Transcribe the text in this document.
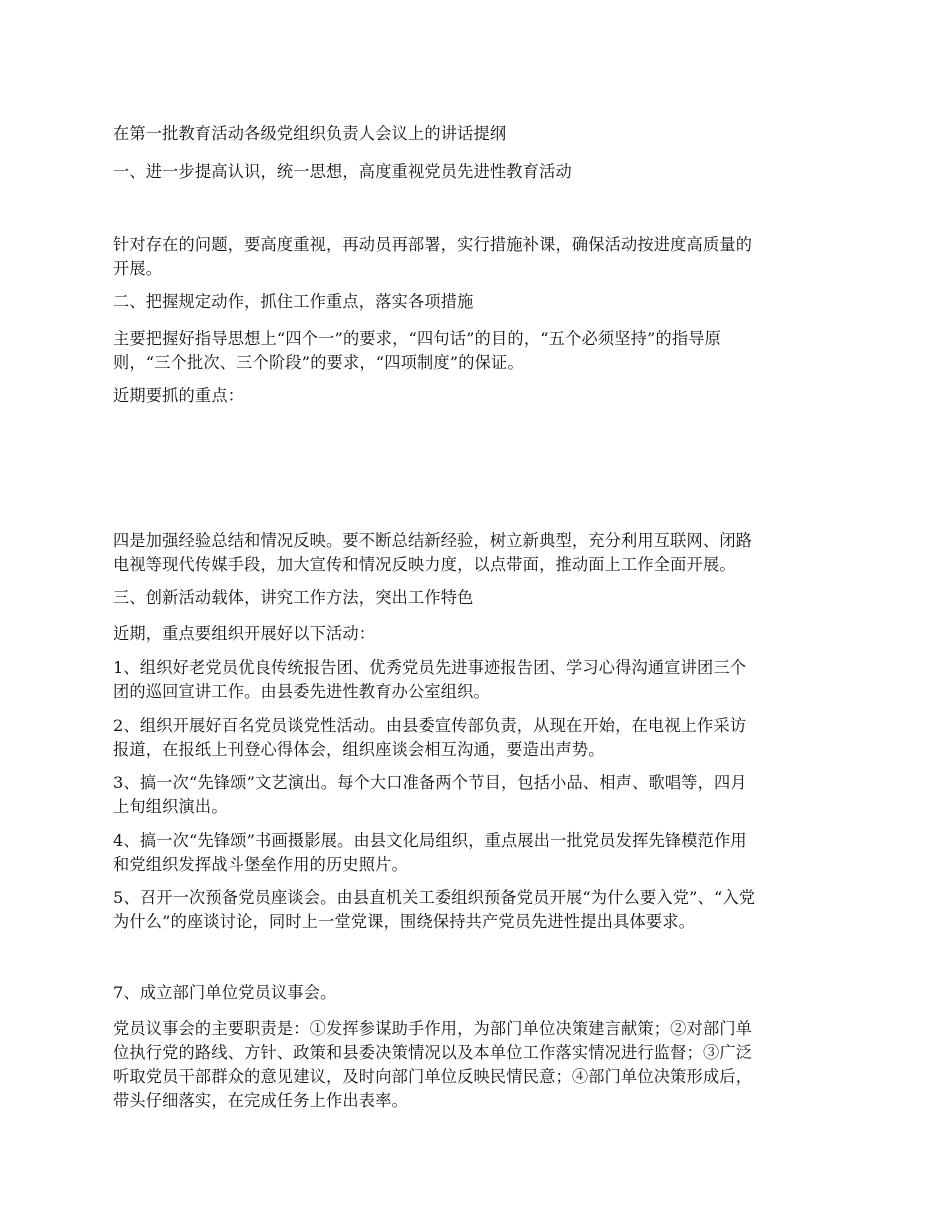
在第一批教育活动各级党组织负责人会议上的讲话提纲

一、进一步提高认识，统一思想，高度重视党员先进性教育活动

针对存在的问题，要高度重视，再动员再部署，实行措施补课，确保活动按进度高质量的
开展。

二、把握规定动作，抓住工作重点，落实各项措施

主要把握好指导思想上“四个一”的要求，“四句话”的目的，“五个必须坚持”的指导原
则，“三个批次、三个阶段”的要求，“四项制度”的保证。

近期要抓的重点：

四是加强经验总结和情况反映。要不断总结新经验，树立新典型，充分利用互联网、闭路
电视等现代传媒手段，加大宣传和情况反映力度，以点带面，推动面上工作全面开展。

三、创新活动载体，讲究工作方法，突出工作特色

近期，重点要组织开展好以下活动：

1、组织好老党员优良传统报告团、优秀党员先进事迹报告团、学习心得沟通宣讲团三个
团的巡回宣讲工作。由县委先进性教育办公室组织。

2、组织开展好百名党员谈党性活动。由县委宣传部负责，从现在开始，在电视上作采访
报道，在报纸上刊登心得体会，组织座谈会相互沟通，要造出声势。

3、搞一次“先锋颂”文艺演出。每个大口准备两个节目，包括小品、相声、歌唱等，四月
上旬组织演出。

4、搞一次“先锋颂”书画摄影展。由县文化局组织，重点展出一批党员发挥先锋模范作用
和党组织发挥战斗堡垒作用的历史照片。

5、召开一次预备党员座谈会。由县直机关工委组织预备党员开展“为什么要入党”、“入党
为什么”的座谈讨论，同时上一堂党课，围绕保持共产党员先进性提出具体要求。

7、成立部门单位党员议事会。

党员议事会的主要职责是：①发挥参谋助手作用，为部门单位决策建言献策；②对部门单
位执行党的路线、方针、政策和县委决策情况以及本单位工作落实情况进行监督；③广泛
听取党员干部群众的意见建议，及时向部门单位反映民情民意；④部门单位决策形成后，
带头仔细落实，在完成任务上作出表率。
